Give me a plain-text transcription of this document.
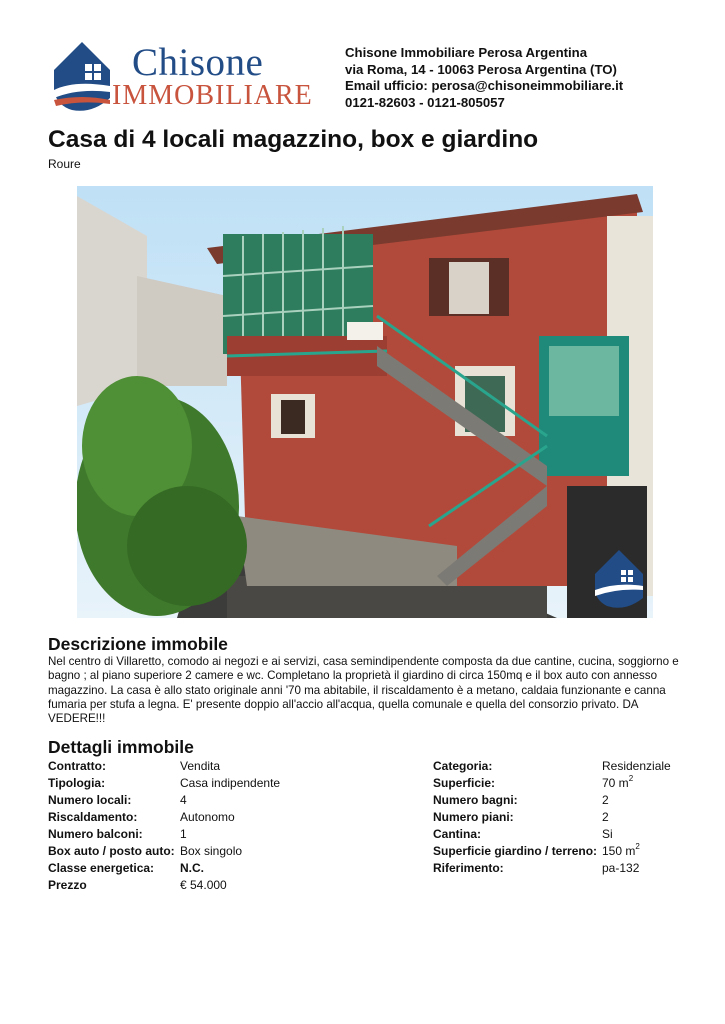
Chisone
IMMOBILIARE
Chisone Immobiliare Perosa Argentina
via Roma, 14 - 10063 Perosa Argentina (TO)
Email ufficio: perosa@chisoneimmobiliare.it
0121-82603 - 0121-805057
Casa di 4 locali magazzino, box e giardino
Roure
Descrizione immobile

Nel centro di Villaretto, comodo ai negozi e ai servizi, casa semindipendente composta da due cantine, cucina, soggiorno e bagno ; al piano superiore 2 camere e wc. Completano la proprietà il giardino di circa 150mq e il box auto con annesso magazzino. La casa è allo stato originale anni '70 ma abitabile, il riscaldamento è a metano, caldaia funzionante e canna fumaria per stufa a legna. E' presente doppio all'accio all'acqua, quella comunale e quella del consorzio privato. DA VEDERE!!!

Dettagli immobile
Contratto:	Vendita	Categoria:	Residenziale
Tipologia:	Casa indipendente	Superficie:	70 $m^2$
Numero locali:	4	Numero bagni:	2
Riscaldamento:	Autonomo	Numero piani:	2
Numero balconi:	1	Cantina:	Si
Box auto / posto auto:	Box singolo	Superficie giardino / terreno:	150 $m^2$
Classe energetica:	N.C.	Riferimento:	pa-132
Prezzo	€ 54.000		
